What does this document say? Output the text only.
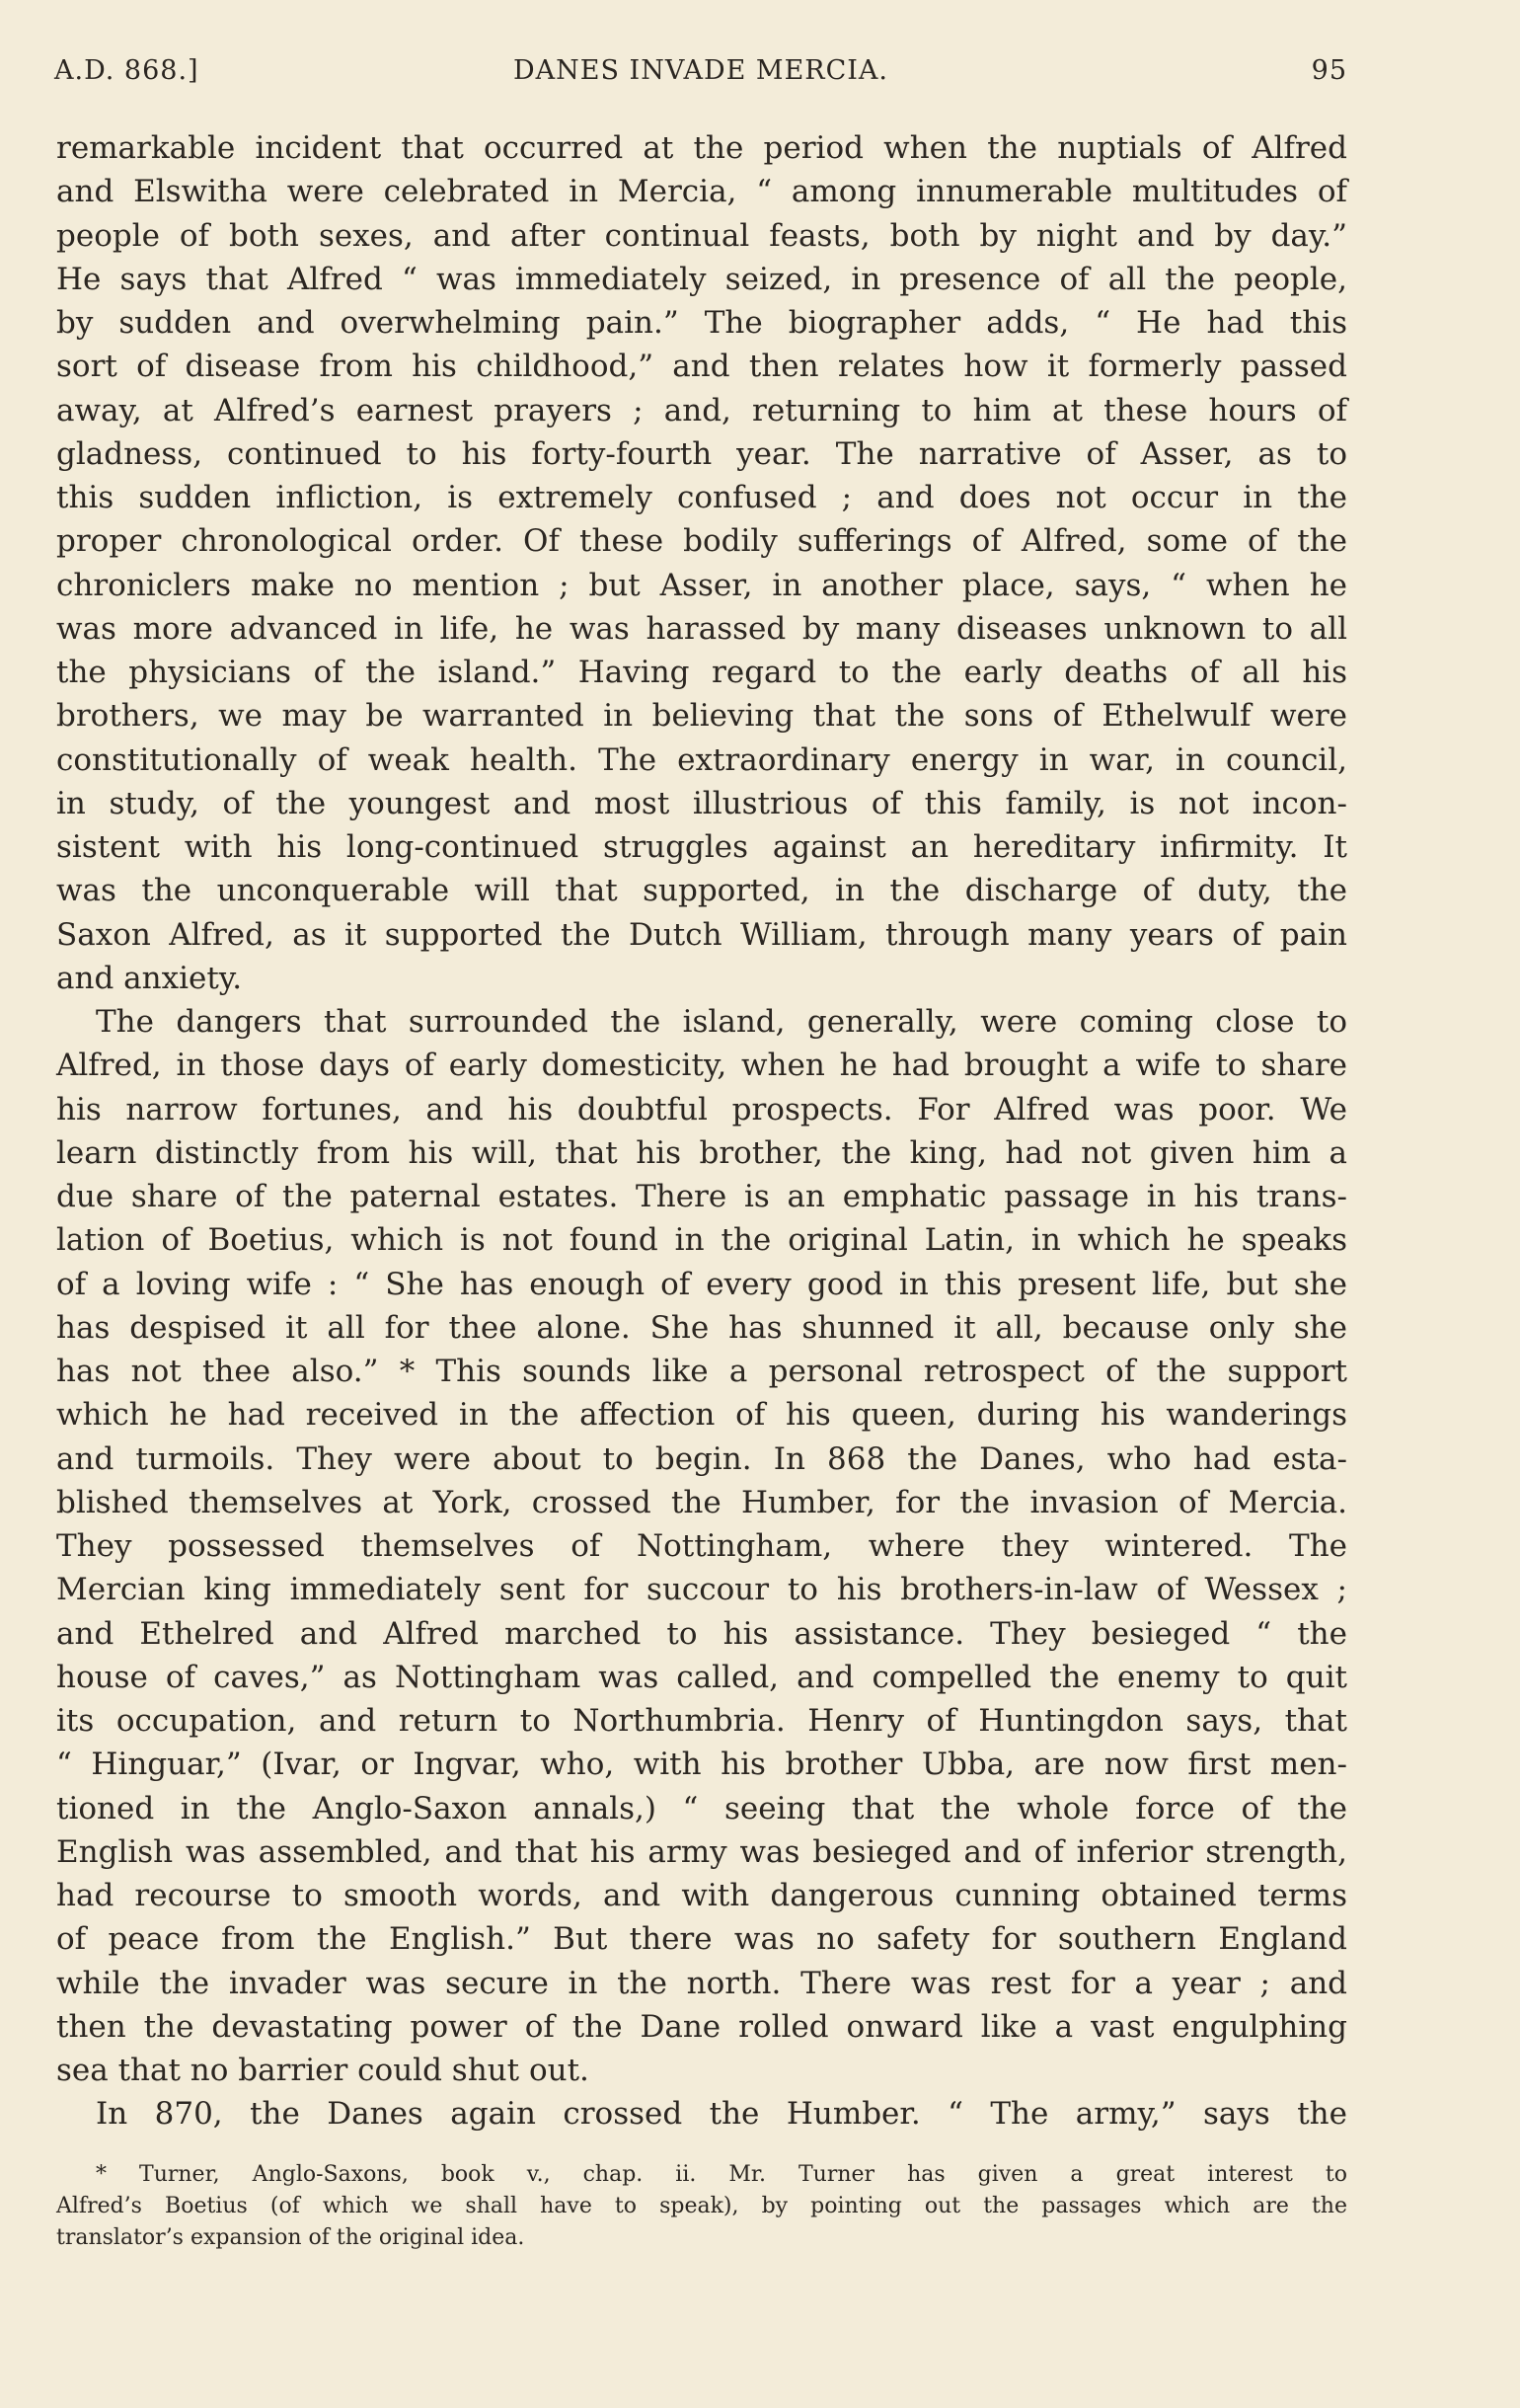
A.D. 868.]	DANES INVADE MERCIA.	95
remarkable incident that occurred at the period when the nuptials of Alfred
and Elswitha were celebrated in Mercia, “ among innumerable multitudes of
people of both sexes, and after continual feasts, both by night and by day.”
He says that Alfred “ was immediately seized, in presence of all the people,
by sudden and overwhelming pain.” The biographer adds, “ He had this
sort of disease from his childhood,” and then relates how it formerly passed
away, at Alfred’s earnest prayers ; and, returning to him at these hours of
gladness, continued to his forty-fourth year. The narrative of Asser, as to
this sudden infliction, is extremely confused ; and does not occur in the
proper chronological order. Of these bodily sufferings of Alfred, some of the
chroniclers make no mention ; but Asser, in another place, says, “ when he
was more advanced in life, he was harassed by many diseases unknown to all
the physicians of the island.” Having regard to the early deaths of all his
brothers, we may be warranted in believing that the sons of Ethelwulf were
constitutionally of weak health. The extraordinary energy in war, in council,
in study, of the youngest and most illustrious of this family, is not incon-
sistent with his long-continued struggles against an hereditary infirmity. It
was the unconquerable will that supported, in the discharge of duty, the
Saxon Alfred, as it supported the Dutch William, through many years of pain
and anxiety.
The dangers that surrounded the island, generally, were coming close to
Alfred, in those days of early domesticity, when he had brought a wife to share
his narrow fortunes, and his doubtful prospects. For Alfred was poor. We
learn distinctly from his will, that his brother, the king, had not given him a
due share of the paternal estates. There is an emphatic passage in his trans-
lation of Boetius, which is not found in the original Latin, in which he speaks
of a loving wife : “ She has enough of every good in this present life, but she
has despised it all for thee alone. She has shunned it all, because only she
has not thee also.” * This sounds like a personal retrospect of the support
which he had received in the affection of his queen, during his wanderings
and turmoils. They were about to begin. In 868 the Danes, who had esta-
blished themselves at York, crossed the Humber, for the invasion of Mercia.
They possessed themselves of Nottingham, where they wintered. The
Mercian king immediately sent for succour to his brothers-in-law of Wessex ;
and Ethelred and Alfred marched to his assistance. They besieged “ the
house of caves,” as Nottingham was called, and compelled the enemy to quit
its occupation, and return to Northumbria. Henry of Huntingdon says, that
“ Hinguar,” (Ivar, or Ingvar, who, with his brother Ubba, are now first men-
tioned in the Anglo-Saxon annals,) “ seeing that the whole force of the
English was assembled, and that his army was besieged and of inferior strength,
had recourse to smooth words, and with dangerous cunning obtained terms
of peace from the English.” But there was no safety for southern England
while the invader was secure in the north. There was rest for a year ; and
then the devastating power of the Dane rolled onward like a vast engulphing
sea that no barrier could shut out.
In 870, the Danes again crossed the Humber. “ The army,” says the
* Turner, Anglo-Saxons, book v., chap. ii. Mr. Turner has given a great interest to
Alfred’s Boetius (of which we shall have to speak), by pointing out the passages which are the
translator’s expansion of the original idea.
